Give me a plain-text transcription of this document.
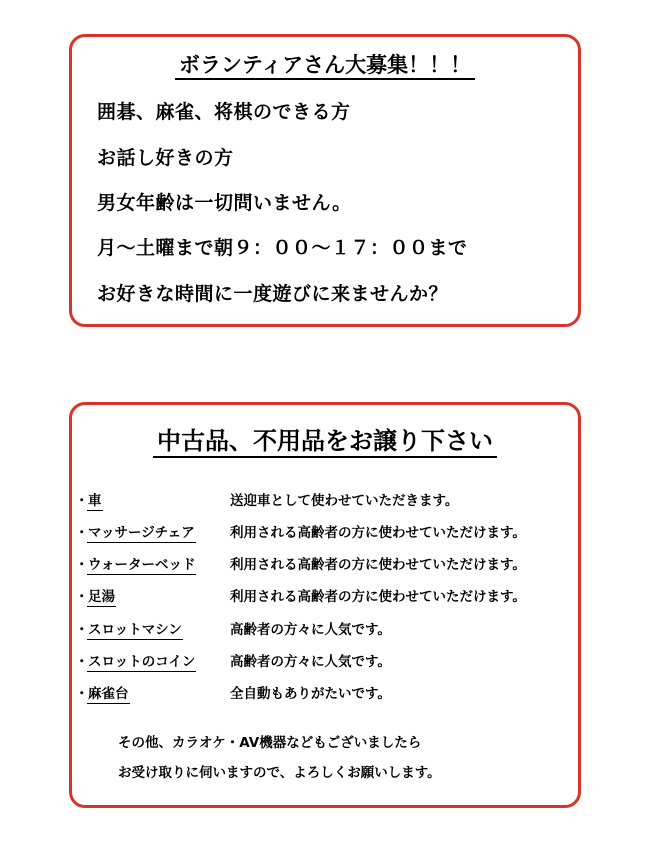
ボランティアさん大募集！！！
囲碁、麻雀、将棋のできる方
お話し好きの方
男女年齢は一切問いません。
月～土曜まで朝９：００～１７：００まで
お好きな時間に一度遊びに来ませんか？
中古品、不用品をお譲り下さい
・ 車	送迎車として使わせていただきます。
・ マッサージチェア	利用される高齢者の方に使わせていただけます。
・ ウォーターベッド	利用される高齢者の方に使わせていただけます。
・ 足湯	利用される高齢者の方に使わせていただけます。
・ スロットマシン	高齢者の方々に人気です。
・ スロットのコイン	高齢者の方々に人気です。
・ 麻雀台	全自動もありがたいです。
その他、カラオケ・AV機器などもございましたら
お受け取りに伺いますので、よろしくお願いします。
